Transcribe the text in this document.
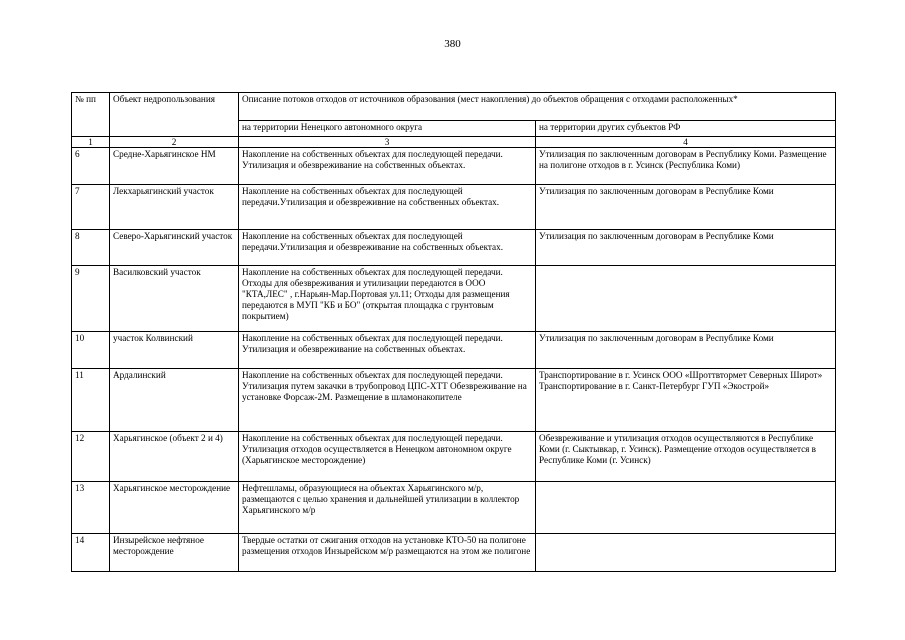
380
№ пп	Объект недропользования	Описание потоков отходов от источников образования (мест накопления) до объектов обращения с отходами расположенных*	
		на территории Ненецкого автономного округа	на территории других субъектов РФ
1	2	3	4
6	Средне-Харьягинское НМ	Накопление на собственных объектах для последующей передачи. Утилизация и обезвреживание на собственных объектах.	Утилизация по заключенным договорам в Республику Коми. Размещение на полигоне отходов в г. Усинск (Республика Коми)
7	Лекхарьягинский участок	Накопление на собственных объектах для последующей передачи.Утилизация и обезвреживние на собственных объектах.	Утилизация по заключенным договорам в Республике Коми
8	Северо-Харьягинский участок	Накопление на собственных объектах для последующей передачи.Утилизация и обезвреживание на собственных объектах.	Утилизация по заключенным договорам в Республике Коми
9	Василковский участок	Накопление на собственных объектах для последующей передачи. Отходы для обезвреживания и утилизации передаются в ООО "КТА,ЛЕС" , г.Нарьян-Мар.Портовая ул.11; Отходы для размещения передаются в МУП "КБ и БО" (открытая площадка с грунтовым покрытием)	
10	участок Колвинский	Накопление на собственных объектах для последующей передачи. Утилизация и обезвреживание на собственных объектах.	Утилизация по заключенным договорам в Республике Коми
11	Ардалинский	Накопление на собственных объектах для последующей передачи. Утилизация путем закачки в трубопровод ЦПС-ХТТ Обезвреживание на установке Форсаж-2М. Размещение в шламонакопителе	Транспортирование в г. Усинск ООО «Шроттвтормет Северных Широт» Транспортирование в г. Санкт-Петербург ГУП «Экострой»
12	Харьягинское (объект 2 и 4)	Накопление на собственных объектах для последующей передачи. Утилизация отходов осуществляется в Ненецком автономном округе (Харьягинское месторождение)	Обезвреживание и утилизация отходов осуществляются в Республике Коми (г. Сыктывкар, г. Усинск). Размещение отходов осуществляется в Республике Коми (г. Усинск)
13	Харьягинское месторождение	Нефтешламы, образующиеся на объектах Харьягинского м/р, размещаются с целью хранения и дальнейшей утилизации в коллектор Харьягинского м/р	
14	Инзырейское нефтяное месторождение	Твердые остатки от сжигания отходов на установке КТО-50 на полигоне размещения отходов Инзырейском м/р размещаются на этом же полигоне	
